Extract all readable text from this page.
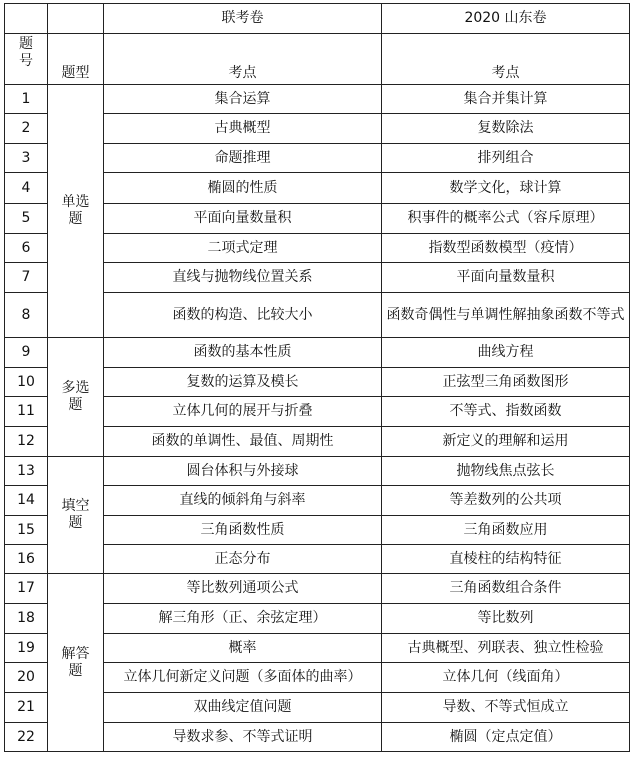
		联考卷	2020 山东卷
题
号	题型	考点	考点
1	单选题	集合运算	集合并集计算
2		古典概型	复数除法
3		命题推理	排列组合
4		椭圆的性质	数学文化，球计算
5		平面向量数量积	积事件的概率公式（容斥原理）
6		二项式定理	指数型函数模型（疫情）
7		直线与抛物线位置关系	平面向量数量积
8		函数的构造、比较大小	函数奇偶性与单调性解抽象函数不等式
9	多选题	函数的基本性质	曲线方程
10		复数的运算及模长	正弦型三角函数图形
11		立体几何的展开与折叠	不等式、指数函数
12		函数的单调性、最值、周期性	新定义的理解和运用
13	填空题	圆台体积与外接球	抛物线焦点弦长
14		直线的倾斜角与斜率	等差数列的公共项
15		三角函数性质	三角函数应用
16		正态分布	直棱柱的结构特征
17	解答题	等比数列通项公式	三角函数组合条件
18		解三角形（正、余弦定理）	等比数列
19		概率	古典概型、列联表、独立性检验
20		立体几何新定义问题（多面体的曲率）	立体几何（线面角）
21		双曲线定值问题	导数、不等式恒成立
22		导数求参、不等式证明	椭圆（定点定值）
